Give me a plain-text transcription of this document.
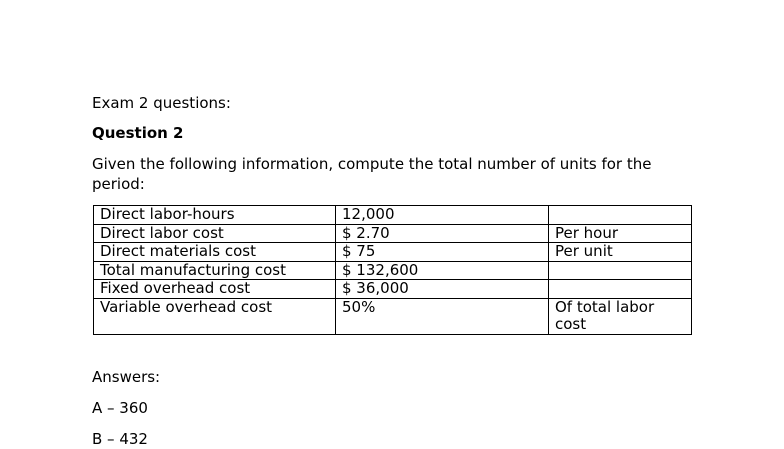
Exam 2 questions:
Question 2
Given the following information, compute the total number of units for the period:
Direct labor-hours	12,000	
Direct labor cost	$ 2.70	Per hour
Direct materials cost	$ 75	Per unit
Total manufacturing cost	$ 132,600	
Fixed overhead cost	$ 36,000	
Variable overhead cost	50%	Of total labor cost
Answers:
A – 360
B – 432
